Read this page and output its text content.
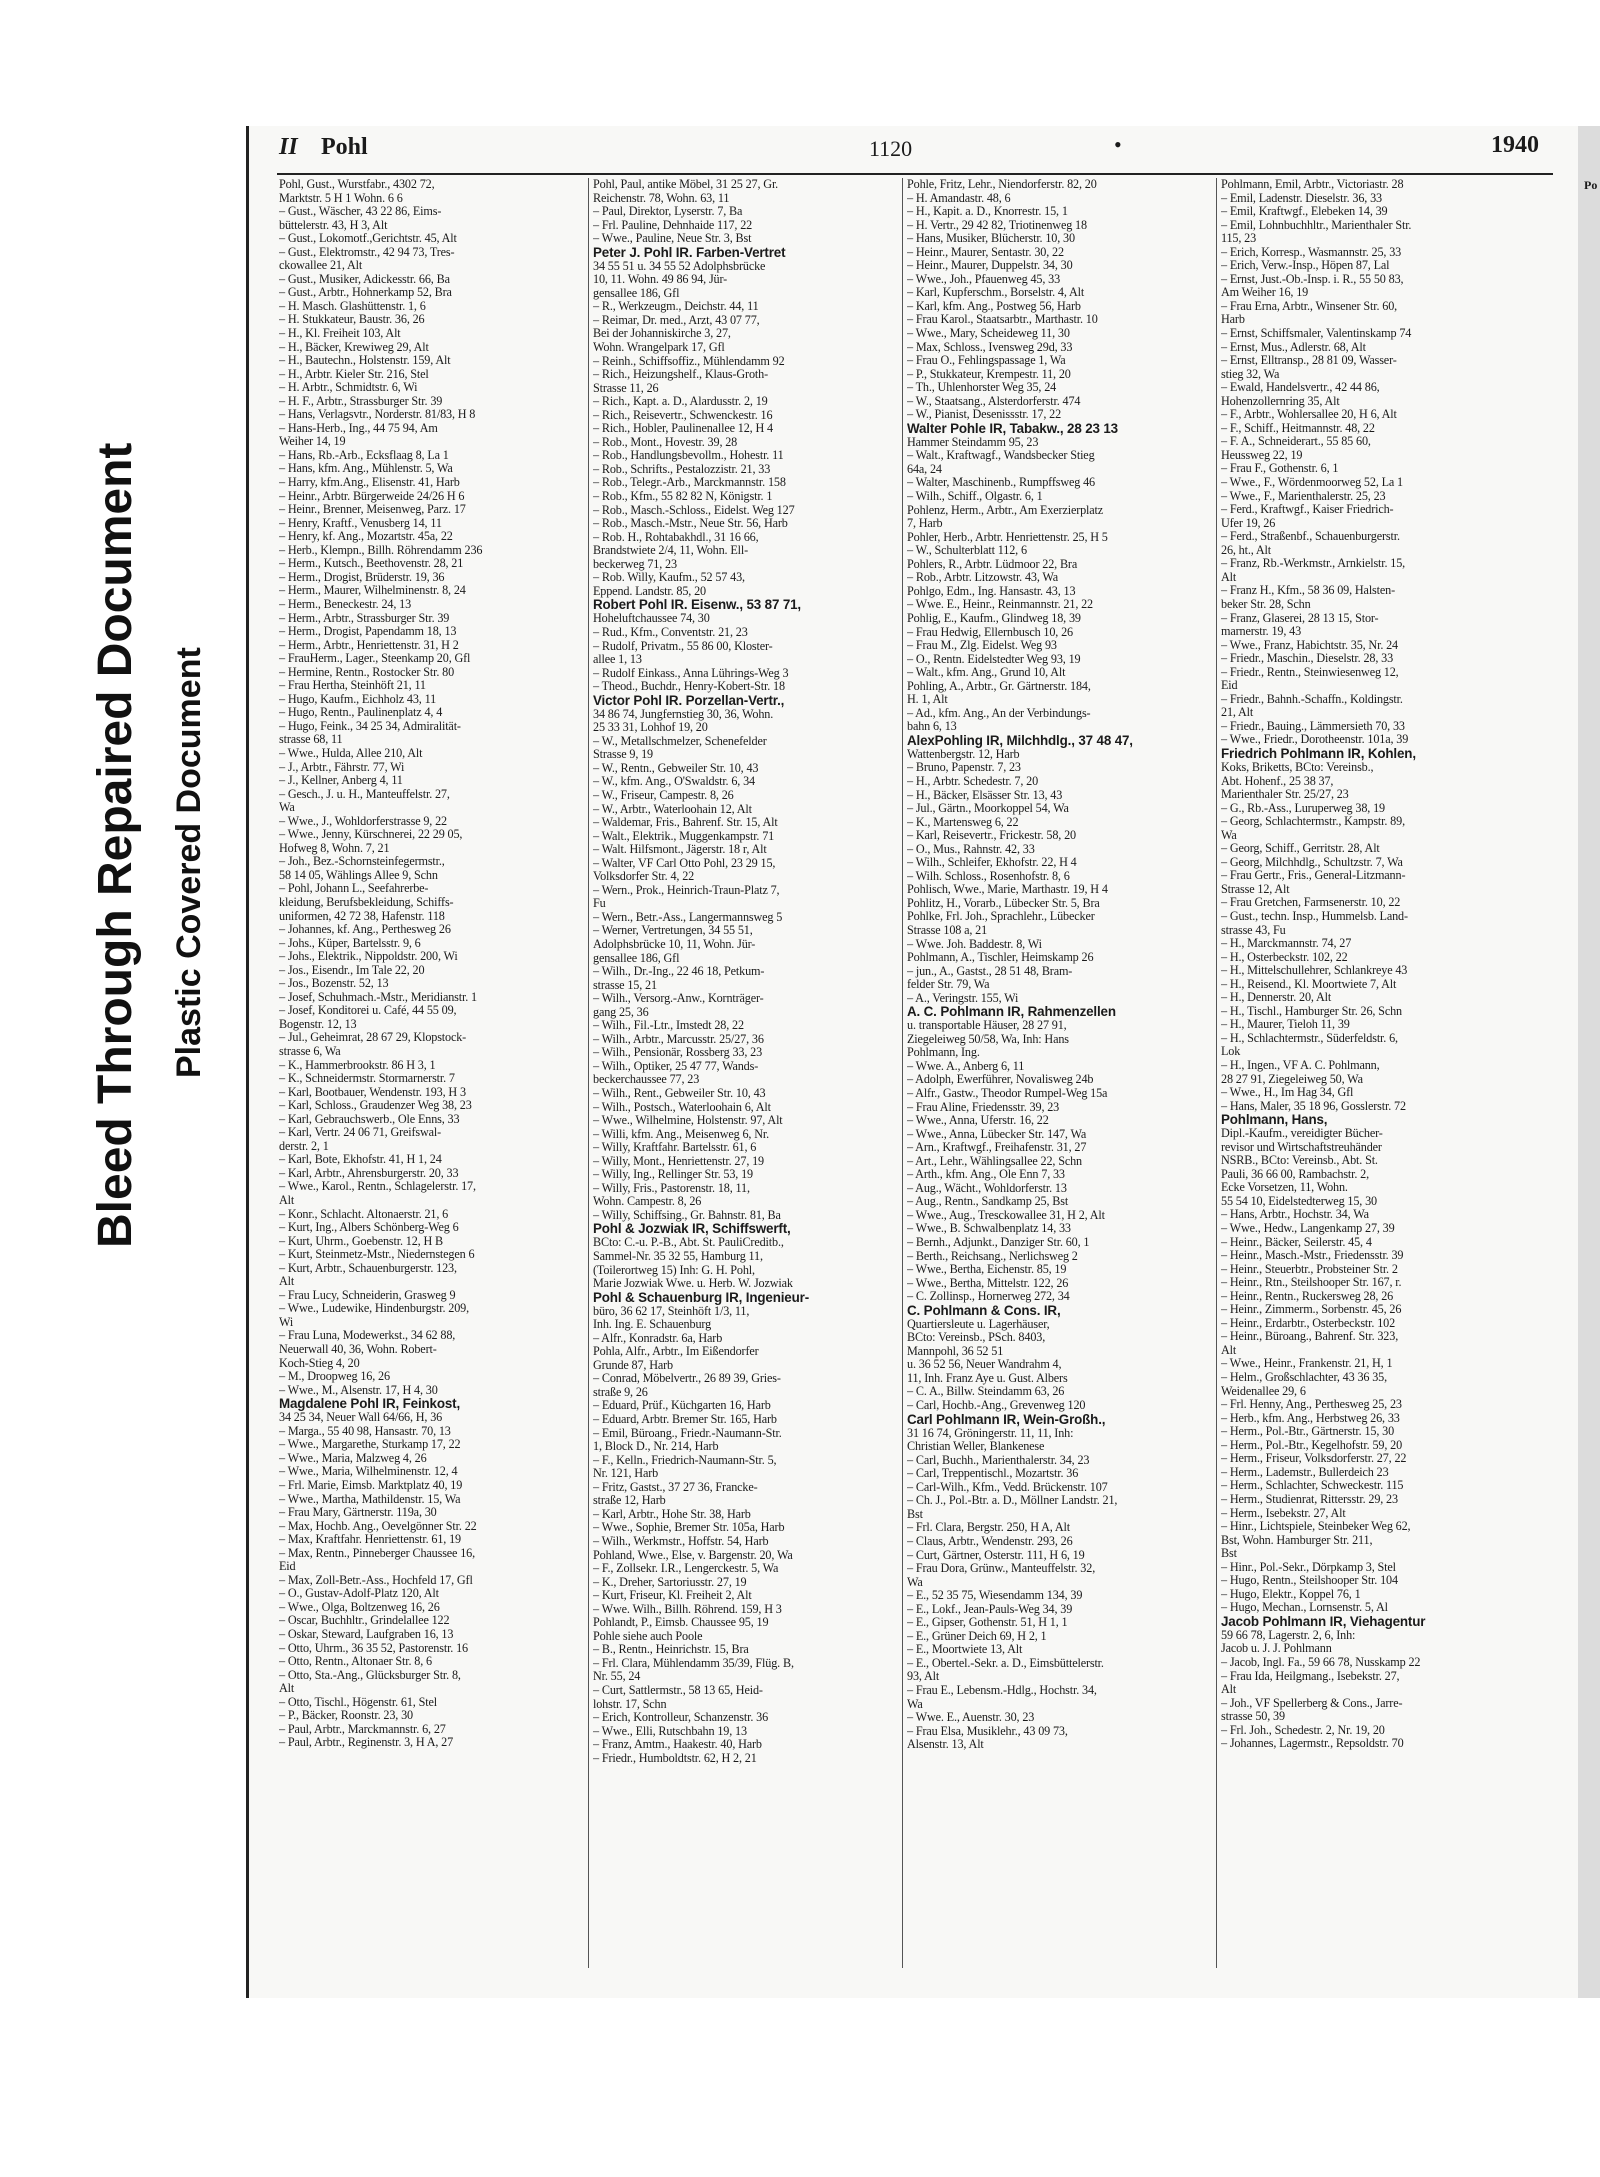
Bleed Through Repaired Document Plastic Covered Document
II Pohl	1120	•	1940
Pohl, Gust., Wurstfabr., 4302 72,
Marktstr. 5 H 1 Wohn. 6 6
– Gust., Wäscher, 43 22 86, Eims-
büttelerstr. 43, H 3, Alt
– Gust., Lokomotf.,Gerichtstr. 45, Alt
– Gust., Elektromstr., 42 94 73, Tres-
ckowallee 21, Alt
– Gust., Musiker, Adickesstr. 66, Ba
– Gust., Arbtr., Hohnerkamp 52, Bra
– H. Masch. Glashüttenstr. 1, 6
– H. Stukkateur, Baustr. 36, 26
– H., Kl. Freiheit 103, Alt
– H., Bäcker, Krewiweg 29, Alt
– H., Bautechn., Holstenstr. 159, Alt
– H., Arbtr. Kieler Str. 216, Stel
– H. Arbtr., Schmidtstr. 6, Wi
– H. F., Arbtr., Strassburger Str. 39
– Hans, Verlagsvtr., Norderstr. 81/83, H 8
– Hans-Herb., Ing., 44 75 94, Am
Weiher 14, 19
– Hans, Rb.-Arb., Ecksflaag 8, La 1
– Hans, kfm. Ang., Mühlenstr. 5, Wa
– Harry, kfm.Ang., Elisenstr. 41, Harb
– Heinr., Arbtr. Bürgerweide 24/26 H 6
– Heinr., Brenner, Meisenweg, Parz. 17
– Henry, Kraftf., Venusberg 14, 11
– Henry, kf. Ang., Mozartstr. 45a, 22
– Herb., Klempn., Billh. Röhrendamm 236
– Herm., Kutsch., Beethovenstr. 28, 21
– Herm., Drogist, Brüderstr. 19, 36
– Herm., Maurer, Wilhelminenstr. 8, 24
– Herm., Beneckestr. 24, 13
– Herm., Arbtr., Strassburger Str. 39
– Herm., Drogist, Papendamm 18, 13
– Herm., Arbtr., Henriettenstr. 31, H 2
– FrauHerm., Lager., Steenkamp 20, Gfl
– Hermine, Rentn., Rostocker Str. 80
– Frau Hertha, Steinhöft 21, 11
– Hugo, Kaufm., Eichholz 43, 11
– Hugo, Rentn., Paulinenplatz 4, 4
– Hugo, Feink., 34 25 34, Admiralität-
strasse 68, 11
– Wwe., Hulda, Allee 210, Alt
– J., Arbtr., Fährstr. 77, Wi
– J., Kellner, Anberg 4, 11
– Gesch., J. u. H., Manteuffelstr. 27,
Wa
– Wwe., J., Wohldorferstrasse 9, 22
– Wwe., Jenny, Kürschnerei, 22 29 05,
Hofweg 8, Wohn. 7, 21
– Joh., Bez.-Schornsteinfegermstr.,
58 14 05, Wählings Allee 9, Schn
– Pohl, Johann L., Seefahrerbe-
kleidung, Berufsbekleidung, Schiffs-
uniformen, 42 72 38, Hafenstr. 118
– Johannes, kf. Ang., Perthesweg 26
– Johs., Küper, Bartelsstr. 9, 6
– Johs., Elektrik., Nippoldstr. 200, Wi
– Jos., Eisendr., Im Tale 22, 20
– Jos., Bozenstr. 52, 13
– Josef, Schuhmach.-Mstr., Meridianstr. 1
– Josef, Konditorei u. Café, 44 55 09,
Bogenstr. 12, 13
– Jul., Geheimrat, 28 67 29, Klopstock-
strasse 6, Wa
– K., Hammerbrookstr. 86 H 3, 1
– K., Schneidermstr. Stormarnerstr. 7
– Karl, Bootbauer, Wendenstr. 193, H 3
– Karl, Schloss., Graudenzer Weg 38, 23
– Karl, Gebrauchswerb., Ole Enns, 33
– Karl, Vertr. 24 06 71, Greifswal-
derstr. 2, 1
– Karl, Bote, Ekhofstr. 41, H 1, 24
– Karl, Arbtr., Ahrensburgerstr. 20, 33
– Wwe., Karol., Rentn., Schlagelerstr. 17,
Alt
– Konr., Schlacht. Altonaerstr. 21, 6
– Kurt, Ing., Albers Schönberg-Weg 6
– Kurt, Uhrm., Goebenstr. 12, H B
– Kurt, Steinmetz-Mstr., Niedernstegen 6
– Kurt, Arbtr., Schauenburgerstr. 123,
Alt
– Frau Lucy, Schneiderin, Grasweg 9
– Wwe., Ludewike, Hindenburgstr. 209,
Wi
– Frau Luna, Modewerkst., 34 62 88,
Neuerwall 40, 36, Wohn. Robert-
Koch-Stieg 4, 20
– M., Droopweg 16, 26
– Wwe., M., Alsenstr. 17, H 4, 30
Magdalene Pohl IR, Feinkost,
34 25 34, Neuer Wall 64/66, H, 36
– Marga., 55 40 98, Hansastr. 70, 13
– Wwe., Margarethe, Sturkamp 17, 22
– Wwe., Maria, Malzweg 4, 26
– Wwe., Maria, Wilhelminenstr. 12, 4
– Frl. Marie, Eimsb. Marktplatz 40, 19
– Wwe., Martha, Mathildenstr. 15, Wa
– Frau Mary, Gärtnerstr. 119a, 30
– Max, Hochb. Ang., Oevelgönner Str. 22
– Max, Kraftfahr. Henriettenstr. 61, 19
– Max, Rentn., Pinneberger Chaussee 16,
Eid
– Max, Zoll-Betr.-Ass., Hochfeld 17, Gfl
– O., Gustav-Adolf-Platz 120, Alt
– Wwe., Olga, Boltzenweg 16, 26
– Oscar, Buchhltr., Grindelallee 122
– Oskar, Steward, Laufgraben 16, 13
– Otto, Uhrm., 36 35 52, Pastorenstr. 16
– Otto, Rentn., Altonaer Str. 8, 6
– Otto, Sta.-Ang., Glücksburger Str. 8,
Alt
– Otto, Tischl., Högenstr. 61, Stel
– P., Bäcker, Roonstr. 23, 30
– Paul, Arbtr., Marckmannstr. 6, 27
– Paul, Arbtr., Reginenstr. 3, H A, 27
Pohl, Paul, antike Möbel, 31 25 27, Gr.
Reichenstr. 78, Wohn. 63, 11
– Paul, Direktor, Lyserstr. 7, Ba
– Frl. Pauline, Dehnhaide 117, 22
– Wwe., Pauline, Neue Str. 3, Bst
Peter J. Pohl IR. Farben-Vertret
34 55 51 u. 34 55 52 Adolphsbrücke
10, 11. Wohn. 49 86 94, Jür-
gensallee 186, Gfl
– R., Werkzeugm., Deichstr. 44, 11
– Reimar, Dr. med., Arzt, 43 07 77,
Bei der Johanniskirche 3, 27,
Wohn. Wrangelpark 17, Gfl
– Reinh., Schiffsoffiz., Mühlendamm 92
– Rich., Heizungshelf., Klaus-Groth-
Strasse 11, 26
– Rich., Kapt. a. D., Alardusstr. 2, 19
– Rich., Reisevertr., Schwenckestr. 16
– Rich., Hobler, Paulinenallee 12, H 4
– Rob., Mont., Hovestr. 39, 28
– Rob., Handlungsbevollm., Hohestr. 11
– Rob., Schrifts., Pestalozzistr. 21, 33
– Rob., Telegr.-Arb., Marckmannstr. 158
– Rob., Kfm., 55 82 82 N, Königstr. 1
– Rob., Masch.-Schloss., Eidelst. Weg 127
– Rob., Masch.-Mstr., Neue Str. 56, Harb
– Rob. H., Rohtabakhdl., 31 16 66,
Brandstwiete 2/4, 11, Wohn. Ell-
beckerweg 71, 23
– Rob. Willy, Kaufm., 52 57 43,
Eppend. Landstr. 85, 20
Robert Pohl IR. Eisenw., 53 87 71,
Hoheluftchaussee 74, 30
– Rud., Kfm., Conventstr. 21, 23
– Rudolf, Privatm., 55 86 00, Kloster-
allee 1, 13
– Rudolf Einkass., Anna Lührings-Weg 3
– Theod., Buchdr., Henry-Kobert-Str. 18
Victor Pohl IR. Porzellan-Vertr.,
34 86 74, Jungfernstieg 30, 36, Wohn.
25 33 31, Lohhof 19, 20
– W., Metallschmelzer, Schenefelder
Strasse 9, 19
– W., Rentn., Gebweiler Str. 10, 43
– W., kfm. Ang., O'Swaldstr. 6, 34
– W., Friseur, Campestr. 8, 26
– W., Arbtr., Waterloohain 12, Alt
– Waldemar, Fris., Bahrenf. Str. 15, Alt
– Walt., Elektrik., Muggenkampstr. 71
– Walt. Hilfsmont., Jägerstr. 18 r, Alt
– Walter, VF Carl Otto Pohl, 23 29 15,
Volksdorfer Str. 4, 22
– Wern., Prok., Heinrich-Traun-Platz 7,
Fu
– Wern., Betr.-Ass., Langermannsweg 5
– Werner, Vertretungen, 34 55 51,
Adolphsbrücke 10, 11, Wohn. Jür-
gensallee 186, Gfl
– Wilh., Dr.-Ing., 22 46 18, Petkum-
strasse 15, 21
– Wilh., Versorg.-Anw., Kornträger-
gang 25, 36
– Wilh., Fil.-Ltr., Imstedt 28, 22
– Wilh., Arbtr., Marcusstr. 25/27, 36
– Wilh., Pensionär, Rossberg 33, 23
– Wilh., Optiker, 25 47 77, Wands-
beckerchaussee 77, 23
– Wilh., Rent., Gebweiler Str. 10, 43
– Wilh., Postsch., Waterloohain 6, Alt
– Wwe., Wilhelmine, Holstenstr. 97, Alt
– Willi, kfm. Ang., Meisenweg 6, Nr.
– Willy, Kraftfahr. Bartelsstr. 61, 6
– Willy, Mont., Henriettenstr. 27, 19
– Willy, Ing., Rellinger Str. 53, 19
– Willy, Fris., Pastorenstr. 18, 11,
Wohn. Campestr. 8, 26
– Willy, Schiffsing., Gr. Bahnstr. 81, Ba
Pohl & Jozwiak IR, Schiffswerft,
BCto: C.-u. P.-B., Abt. St. PauliCreditb.,
Sammel-Nr. 35 32 55, Hamburg 11,
(Toilerortweg 15) Inh: G. H. Pohl,
Marie Jozwiak Wwe. u. Herb. W. Jozwiak
Pohl & Schauenburg IR, Ingenieur-
büro, 36 62 17, Steinhöft 1/3, 11,
Inh. Ing. E. Schauenburg
– Alfr., Konradstr. 6a, Harb
Pohla, Alfr., Arbtr., Im Eißendorfer
Grunde 87, Harb
– Conrad, Möbelvertr., 26 89 39, Gries-
straße 9, 26
– Eduard, Prüf., Küchgarten 16, Harb
– Eduard, Arbtr. Bremer Str. 165, Harb
– Emil, Büroang., Friedr.-Naumann-Str.
1, Block D., Nr. 214, Harb
– F., Kelln., Friedrich-Naumann-Str. 5,
Nr. 121, Harb
– Fritz, Gastst., 37 27 36, Francke-
straße 12, Harb
– Karl, Arbtr., Hohe Str. 38, Harb
– Wwe., Sophie, Bremer Str. 105a, Harb
– Wilh., Werkmstr., Hoffstr. 54, Harb
Pohland, Wwe., Else, v. Bargenstr. 20, Wa
– F., Zollsekr. I.R., Lengerckestr. 5, Wa
– K., Dreher, Sartoriusstr. 27, 19
– Kurt, Friseur, Kl. Freiheit 2, Alt
– Wwe. Wilh., Billh. Röhrend. 159, H 3
Pohlandt, P., Eimsb. Chaussee 95, 19
Pohle siehe auch Poole
– B., Rentn., Heinrichstr. 15, Bra
– Frl. Clara, Mühlendamm 35/39, Flüg. B,
Nr. 55, 24
– Curt, Sattlermstr., 58 13 65, Heid-
lohstr. 17, Schn
– Erich, Kontrolleur, Schanzenstr. 36
– Wwe., Elli, Rutschbahn 19, 13
– Franz, Amtm., Haakestr. 40, Harb
– Friedr., Humboldtstr. 62, H 2, 21
Pohle, Fritz, Lehr., Niendorferstr. 82, 20
– H. Amandastr. 48, 6
– H., Kapit. a. D., Knorrestr. 15, 1
– H. Vertr., 29 42 82, Triotinenweg 18
– Hans, Musiker, Blücherstr. 10, 30
– Heinr., Maurer, Sentastr. 30, 22
– Heinr., Maurer, Duppelstr. 34, 30
– Wwe., Joh., Pfauenweg 45, 33
– Karl, Kupferschm., Borselstr. 4, Alt
– Karl, kfm. Ang., Postweg 56, Harb
– Frau Karol., Staatsarbtr., Marthastr. 10
– Wwe., Mary, Scheideweg 11, 30
– Max, Schloss., Ivensweg 29d, 33
– Frau O., Fehlingspassage 1, Wa
– P., Stukkateur, Krempestr. 11, 20
– Th., Uhlenhorster Weg 35, 24
– W., Staatsang., Alsterdorferstr. 474
– W., Pianist, Desenissstr. 17, 22
Walter Pohle IR, Tabakw., 28 23 13
Hammer Steindamm 95, 23
– Walt., Kraftwagf., Wandsbecker Stieg
64a, 24
– Walter, Maschinenb., Rumpffsweg 46
– Wilh., Schiff., Olgastr. 6, 1
Pohlenz, Herm., Arbtr., Am Exerzierplatz
7, Harb
Pohler, Herb., Arbtr. Henriettenstr. 25, H 5
– W., Schulterblatt 112, 6
Pohlers, R., Arbtr. Lüdmoor 22, Bra
– Rob., Arbtr. Litzowstr. 43, Wa
Pohlgo, Edm., Ing. Hansastr. 43, 13
– Wwe. E., Heinr., Reinmannstr. 21, 22
Pohlig, E., Kaufm., Glindweg 18, 39
– Frau Hedwig, Ellernbusch 10, 26
– Frau M., Zlg. Eidelst. Weg 93
– O., Rentn. Eidelstedter Weg 93, 19
– Walt., kfm. Ang., Grund 10, Alt
Pohling, A., Arbtr., Gr. Gärtnerstr. 184,
H. 1, Alt
– Ad., kfm. Ang., An der Verbindungs-
bahn 6, 13
AlexPohling IR, Milchhdlg., 37 48 47,
Wattenbergstr. 12, Harb
– Bruno, Papenstr. 7, 23
– H., Arbtr. Schedestr. 7, 20
– H., Bäcker, Elsässer Str. 13, 43
– Jul., Gärtn., Moorkoppel 54, Wa
– K., Martensweg 6, 22
– Karl, Reisevertr., Frickestr. 58, 20
– O., Mus., Rahnstr. 42, 33
– Wilh., Schleifer, Ekhofstr. 22, H 4
– Wilh. Schloss., Rosenhofstr. 8, 6
Pohlisch, Wwe., Marie, Marthastr. 19, H 4
Pohlitz, H., Vorarb., Lübecker Str. 5, Bra
Pohlke, Frl. Joh., Sprachlehr., Lübecker
Strasse 108 a, 21
– Wwe. Joh. Baddestr. 8, Wi
Pohlmann, A., Tischler, Heimskamp 26
– jun., A., Gastst., 28 51 48, Bram-
felder Str. 79, Wa
– A., Veringstr. 155, Wi
A. C. Pohlmann IR, Rahmenzellen
u. transportable Häuser, 28 27 91,
Ziegeleiweg 50/58, Wa, Inh: Hans
Pohlmann, Ing.
– Wwe. A., Anberg 6, 11
– Adolph, Ewerführer, Novalisweg 24b
– Alfr., Gastw., Theodor Rumpel-Weg 15a
– Frau Aline, Friedensstr. 39, 23
– Wwe., Anna, Uferstr. 16, 22
– Wwe., Anna, Lübecker Str. 147, Wa
– Arn., Kraftwgf., Freihafenstr. 31, 27
– Art., Lehr., Wählingsallee 22, Schn
– Arth., kfm. Ang., Ole Enn 7, 33
– Aug., Wächt., Wohldorferstr. 13
– Aug., Rentn., Sandkamp 25, Bst
– Wwe., Aug., Tresckowallee 31, H 2, Alt
– Wwe., B. Schwalbenplatz 14, 33
– Bernh., Adjunkt., Danziger Str. 60, 1
– Berth., Reichsang., Nerlichsweg 2
– Wwe., Bertha, Eichenstr. 85, 19
– Wwe., Bertha, Mittelstr. 122, 26
– C. Zollinsp., Hornerweg 272, 34
C. Pohlmann & Cons. IR,
Quartiersleute u. Lagerhäuser,
BCto: Vereinsb., PSch. 8403,
Mannpohl, 36 52 51
u. 36 52 56, Neuer Wandrahm 4,
11, Inh. Franz Aye u. Gust. Albers
– C. A., Billw. Steindamm 63, 26
– Carl, Hochb.-Ang., Grevenweg 120
Carl Pohlmann IR, Wein-Großh.,
31 16 74, Gröningerstr. 11, 11, Inh:
Christian Weller, Blankenese
– Carl, Buchh., Marienthalerstr. 34, 23
– Carl, Treppentischl., Mozartstr. 36
– Carl-Wilh., Kfm., Vedd. Brückenstr. 107
– Ch. J., Pol.-Btr. a. D., Möllner Landstr. 21,
Bst
– Frl. Clara, Bergstr. 250, H A, Alt
– Claus, Arbtr., Wendenstr. 293, 26
– Curt, Gärtner, Osterstr. 111, H 6, 19
– Frau Dora, Grünw., Manteuffelstr. 32,
Wa
– E., 52 35 75, Wiesendamm 134, 39
– E., Lokf., Jean-Pauls-Weg 34, 39
– E., Gipser, Gothenstr. 51, H 1, 1
– E., Grüner Deich 69, H 2, 1
– E., Moortwiete 13, Alt
– E., Obertel.-Sekr. a. D., Eimsbüttelerstr.
93, Alt
– Frau E., Lebensm.-Hdlg., Hochstr. 34,
Wa
– Wwe. E., Auenstr. 30, 23
– Frau Elsa, Musiklehr., 43 09 73,
Alsenstr. 13, Alt
Pohlmann, Emil, Arbtr., Victoriastr. 28
– Emil, Ladenstr. Dieselstr. 36, 33
– Emil, Kraftwgf., Elebeken 14, 39
– Emil, Lohnbuchhltr., Marienthaler Str.
115, 23
– Erich, Korresp., Wasmannstr. 25, 33
– Erich, Verw.-Insp., Höpen 87, Lal
– Ernst, Just.-Ob.-Insp. i. R., 55 50 83,
Am Weiher 16, 19
– Frau Erna, Arbtr., Winsener Str. 60,
Harb
– Ernst, Schiffsmaler, Valentinskamp 74
– Ernst, Mus., Adlerstr. 68, Alt
– Ernst, Elltransp., 28 81 09, Wasser-
stieg 32, Wa
– Ewald, Handelsvertr., 42 44 86,
Hohenzollernring 35, Alt
– F., Arbtr., Wohlersallee 20, H 6, Alt
– F., Schiff., Heitmannstr. 48, 22
– F. A., Schneiderart., 55 85 60,
Heussweg 22, 19
– Frau F., Gothenstr. 6, 1
– Wwe., F., Wördenmoorweg 52, La 1
– Wwe., F., Marienthalerstr. 25, 23
– Ferd., Kraftwgf., Kaiser Friedrich-
Ufer 19, 26
– Ferd., Straßenbf., Schauenburgerstr.
26, ht., Alt
– Franz, Rb.-Werkmstr., Arnkielstr. 15,
Alt
– Franz H., Kfm., 58 36 09, Halsten-
beker Str. 28, Schn
– Franz, Glaserei, 28 13 15, Stor-
marnerstr. 19, 43
– Wwe., Franz, Habichtstr. 35, Nr. 24
– Friedr., Maschin., Dieselstr. 28, 33
– Friedr., Rentn., Steinwiesenweg 12,
Eid
– Friedr., Bahnh.-Schaffn., Koldingstr.
21, Alt
– Friedr., Bauing., Lämmersieth 70, 33
– Wwe., Friedr., Dorotheenstr. 101a, 39
Friedrich Pohlmann IR, Kohlen,
Koks, Briketts, BCto: Vereinsb.,
Abt. Hohenf., 25 38 37,
Marienthaler Str. 25/27, 23
– G., Rb.-Ass., Luruperweg 38, 19
– Georg, Schlachtermstr., Kampstr. 89,
Wa
– Georg, Schiff., Gerritstr. 28, Alt
– Georg, Milchhdlg., Schultzstr. 7, Wa
– Frau Gertr., Fris., General-Litzmann-
Strasse 12, Alt
– Frau Gretchen, Farmsenerstr. 10, 22
– Gust., techn. Insp., Hummelsb. Land-
strasse 43, Fu
– H., Marckmannstr. 74, 27
– H., Osterbeckstr. 102, 22
– H., Mittelschullehrer, Schlankreye 43
– H., Reisend., Kl. Moortwiete 7, Alt
– H., Dennerstr. 20, Alt
– H., Tischl., Hamburger Str. 26, Schn
– H., Maurer, Tieloh 11, 39
– H., Schlachtermstr., Süderfeldstr. 6,
Lok
– H., Ingen., VF A. C. Pohlmann,
28 27 91, Ziegeleiweg 50, Wa
– Wwe., H., Im Hag 34, Gfl
– Hans, Maler, 35 18 96, Gosslerstr. 72
Pohlmann, Hans,
Dipl.-Kaufm., vereidigter Bücher-
revisor und Wirtschaftstreuhänder
NSRB., BCto: Vereinsb., Abt. St.
Pauli, 36 66 00, Rambachstr. 2,
Ecke Vorsetzen, 11, Wohn.
55 54 10, Eidelstedterweg 15, 30
– Hans, Arbtr., Hochstr. 34, Wa
– Wwe., Hedw., Langenkamp 27, 39
– Heinr., Bäcker, Seilerstr. 45, 4
– Heinr., Masch.-Mstr., Friedensstr. 39
– Heinr., Steuerbtr., Probsteiner Str. 2
– Heinr., Rtn., Steilshooper Str. 167, r.
– Heinr., Rentn., Ruckersweg 28, 26
– Heinr., Zimmerm., Sorbenstr. 45, 26
– Heinr., Erdarbtr., Osterbeckstr. 102
– Heinr., Büroang., Bahrenf. Str. 323,
Alt
– Wwe., Heinr., Frankenstr. 21, H, 1
– Helm., Großschlachter, 43 36 35,
Weidenallee 29, 6
– Frl. Henny, Ang., Perthesweg 25, 23
– Herb., kfm. Ang., Herbstweg 26, 33
– Herm., Pol.-Btr., Gärtnerstr. 15, 30
– Herm., Pol.-Btr., Kegelhofstr. 59, 20
– Herm., Friseur, Volksdorferstr. 27, 22
– Herm., Lademstr., Bullerdeich 23
– Herm., Schlachter, Schweckestr. 115
– Herm., Studienrat, Rittersstr. 29, 23
– Herm., Isebekstr. 27, Alt
– Hinr., Lichtspiele, Steinbeker Weg 62,
Bst, Wohn. Hamburger Str. 211,
Bst
– Hinr., Pol.-Sekr., Dörpkamp 3, Stel
– Hugo, Rentn., Steilshooper Str. 104
– Hugo, Elektr., Koppel 76, 1
– Hugo, Mechan., Lornsenstr. 5, Al
Jacob Pohlmann IR, Viehagentur
59 66 78, Lagerstr. 2, 6, Inh:
Jacob u. J. J. Pohlmann
– Jacob, Ingl. Fa., 59 66 78, Nusskamp 22
– Frau Ida, Heilgmang., Isebekstr. 27,
Alt
– Joh., VF Spellerberg & Cons., Jarre-
strasse 50, 39
– Frl. Joh., Schedestr. 2, Nr. 19, 20
– Johannes, Lagermstr., Repsoldstr. 70
Po
